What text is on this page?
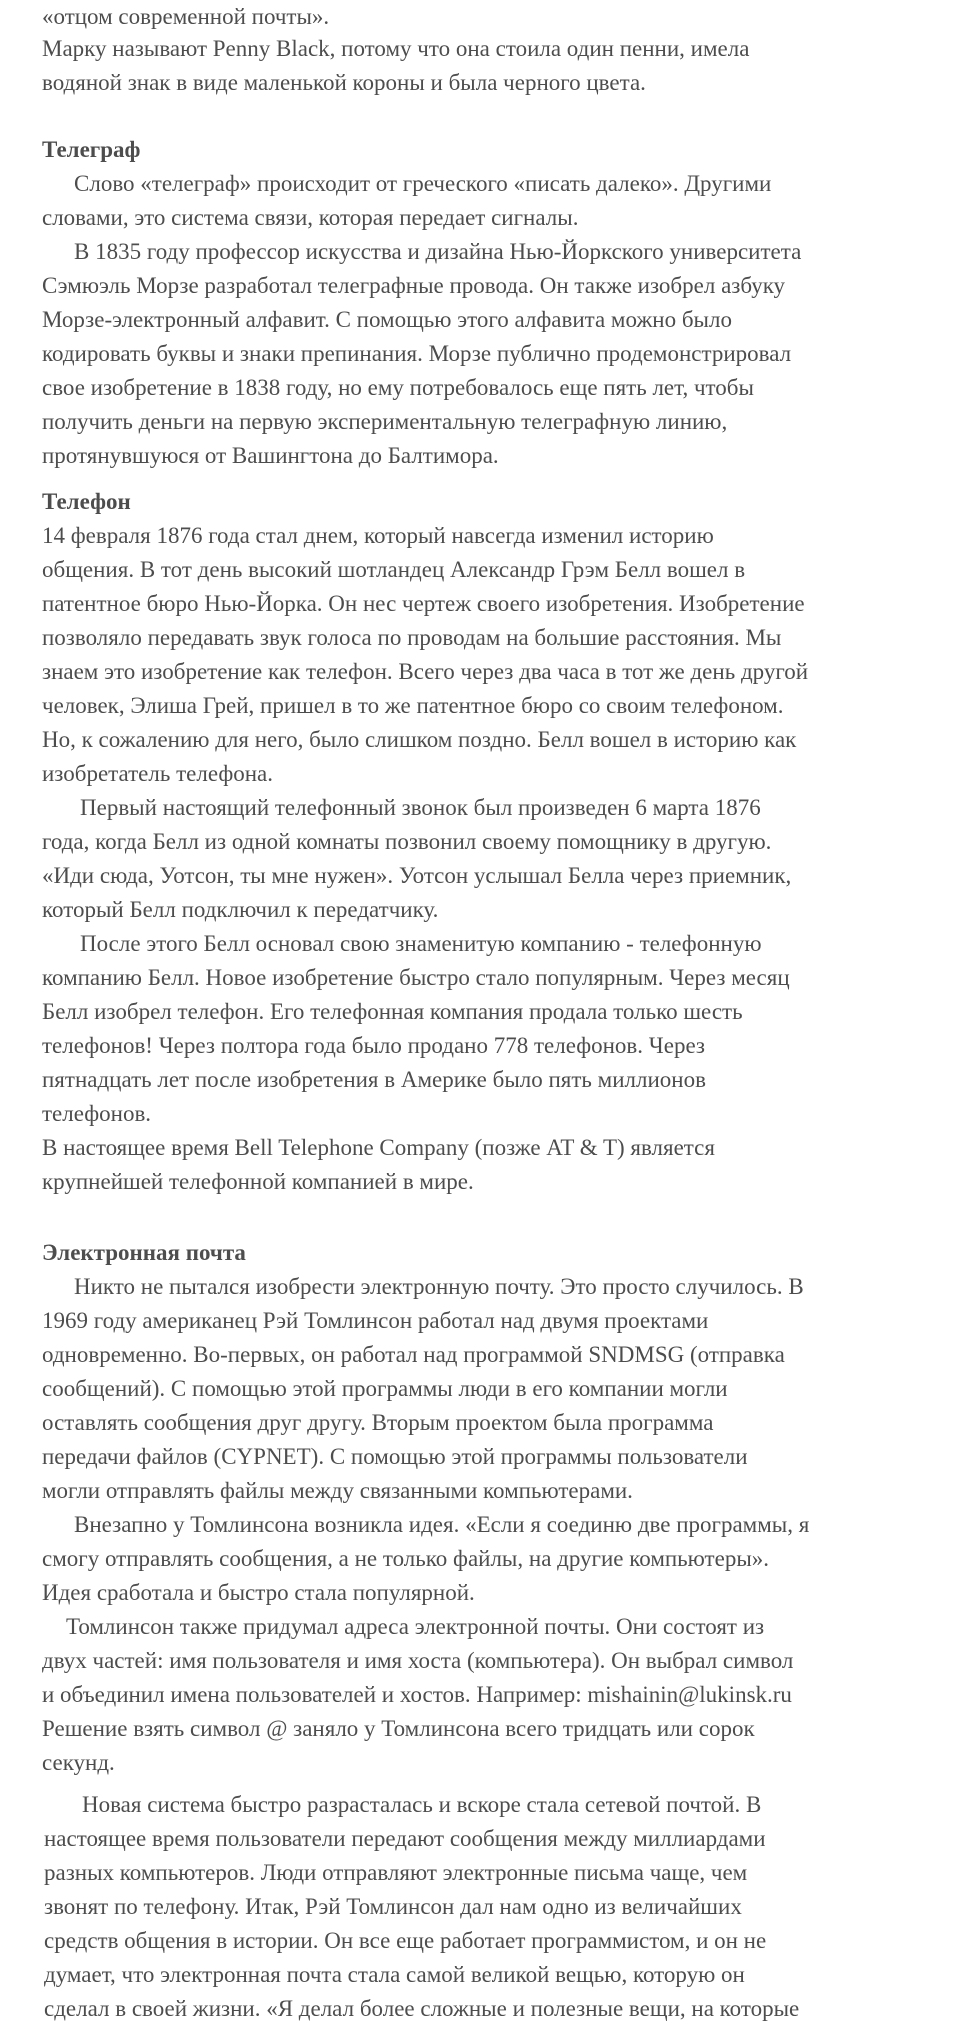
«отцом современной почты».
Марку называют Penny Black, потому что она стоила один пенни, имела
водяной знак в виде маленькой короны и была черного цвета.
Телеграф
Слово «телеграф» происходит от греческого «писать далеко». Другими
словами, это система связи, которая передает сигналы.
В 1835 году профессор искусства и дизайна Нью-Йоркского университета
Сэмюэль Морзе разработал телеграфные провода. Он также изобрел азбуку
Морзе-электронный алфавит. С помощью этого алфавита можно было
кодировать буквы и знаки препинания. Морзе публично продемонстрировал
свое изобретение в 1838 году, но ему потребовалось еще пять лет, чтобы
получить деньги на первую экспериментальную телеграфную линию,
протянувшуюся от Вашингтона до Балтимора.
Телефон
14 февраля 1876 года стал днем, который навсегда изменил историю
общения. В тот день высокий шотландец Александр Грэм Белл вошел в
патентное бюро Нью-Йорка. Он нес чертеж своего изобретения. Изобретение
позволяло передавать звук голоса по проводам на большие расстояния. Мы
знаем это изобретение как телефон. Всего через два часа в тот же день другой
человек, Элиша Грей, пришел в то же патентное бюро со своим телефоном.
Но, к сожалению для него, было слишком поздно. Белл вошел в историю как
изобретатель телефона.
Первый настоящий телефонный звонок был произведен 6 марта 1876
года, когда Белл из одной комнаты позвонил своему помощнику в другую.
«Иди сюда, Уотсон, ты мне нужен». Уотсон услышал Белла через приемник,
который Белл подключил к передатчику.
После этого Белл основал свою знаменитую компанию - телефонную
компанию Белл. Новое изобретение быстро стало популярным. Через месяц
Белл изобрел телефон. Его телефонная компания продала только шесть
телефонов! Через полтора года было продано 778 телефонов. Через
пятнадцать лет после изобретения в Америке было пять миллионов
телефонов.
В настоящее время Bell Telephone Company (позже AT & T) является
крупнейшей телефонной компанией в мире.
Электронная почта
Никто не пытался изобрести электронную почту. Это просто случилось. В
1969 году американец Рэй Томлинсон работал над двумя проектами
одновременно. Во-первых, он работал над программой SNDMSG (отправка
сообщений). С помощью этой программы люди в его компании могли
оставлять сообщения друг другу. Вторым проектом была программа
передачи файлов (CYPNET). С помощью этой программы пользователи
могли отправлять файлы между связанными компьютерами.
Внезапно у Томлинсона возникла идея. «Если я соединю две программы, я
смогу отправлять сообщения, а не только файлы, на другие компьютеры».
Идея сработала и быстро стала популярной.
Томлинсон также придумал адреса электронной почты. Они состоят из
двух частей: имя пользователя и имя хоста (компьютера). Он выбрал символ
и объединил имена пользователей и хостов. Например: mishainin@lukinsk.ru
Решение взять символ @ заняло у Томлинсона всего тридцать или сорок
секунд.
Новая система быстро разрасталась и вскоре стала сетевой почтой. В
настоящее время пользователи передают сообщения между миллиардами
разных компьютеров. Люди отправляют электронные письма чаще, чем
звонят по телефону. Итак, Рэй Томлинсон дал нам одно из величайших
средств общения в истории. Он все еще работает программистом, и он не
думает, что электронная почта стала самой великой вещью, которую он
сделал в своей жизни. «Я делал более сложные и полезные вещи, на которые
